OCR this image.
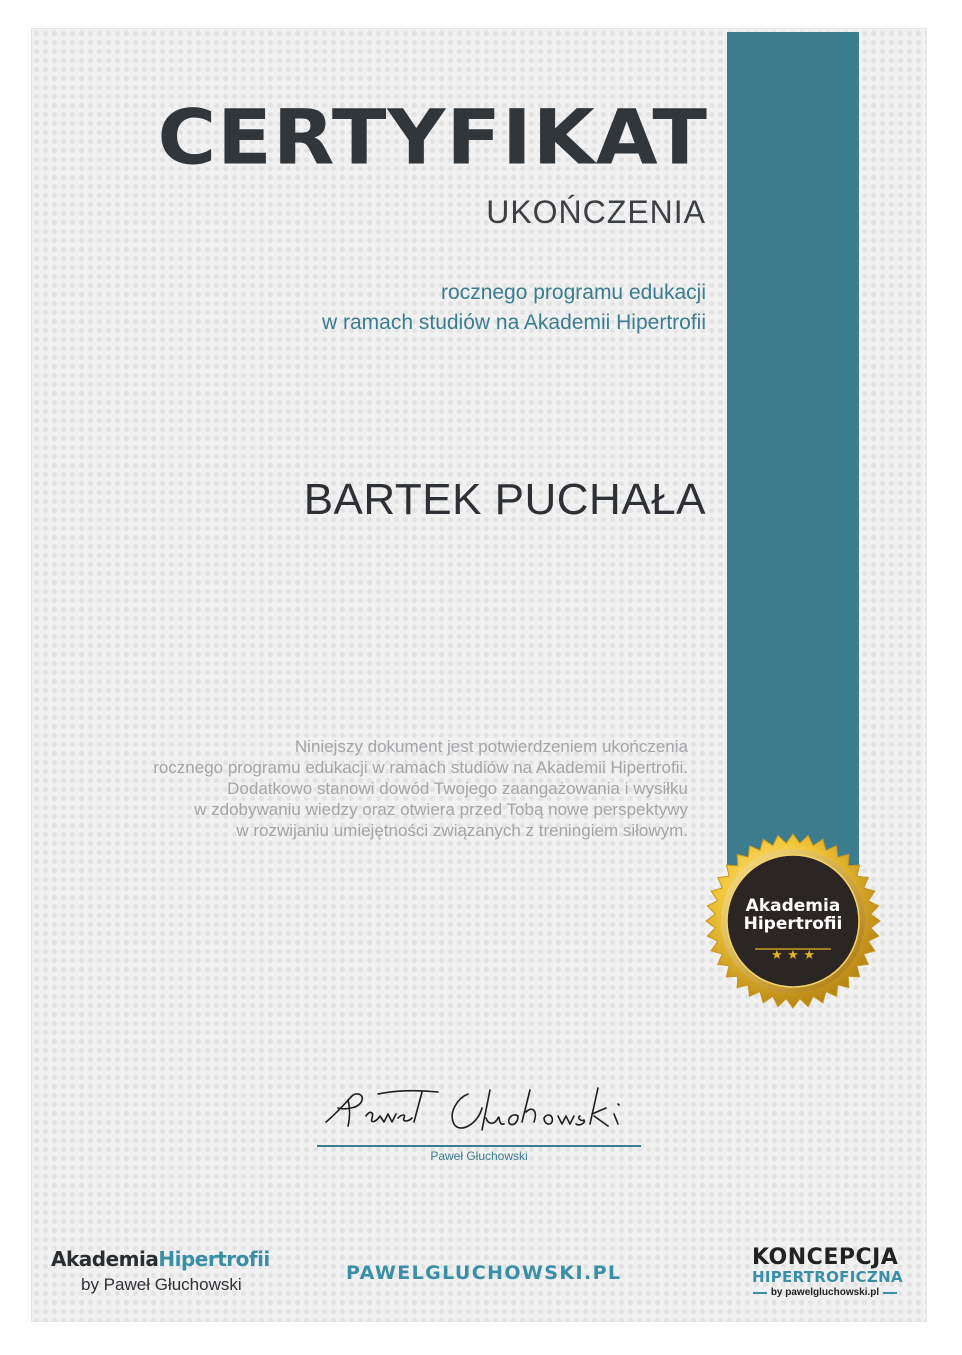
CERTYFIKAT
UKOŃCZENIA
rocznego programu edukacji
w ramach studiów na Akademii Hipertrofii
BARTEK PUCHAŁA
Niniejszy dokument jest potwierdzeniem ukończenia
rocznego programu edukacji w ramach studiów na Akademii Hipertrofii.
Dodatkowo stanowi dowód Twojego zaangażowania i wysiłku
w zdobywaniu wiedzy oraz otwiera przed Tobą nowe perspektywy
w rozwijaniu umiejętności związanych z treningiem siłowym.
Akademia
Hipertrofii
★ ★ ★
Paweł Głuchowski
AkademiaHipertrofii
by Paweł Głuchowski
PAWELGLUCHOWSKI.PL
KONCEPCJA
HIPERTROFICZNA
by pawelgluchowski.pl
